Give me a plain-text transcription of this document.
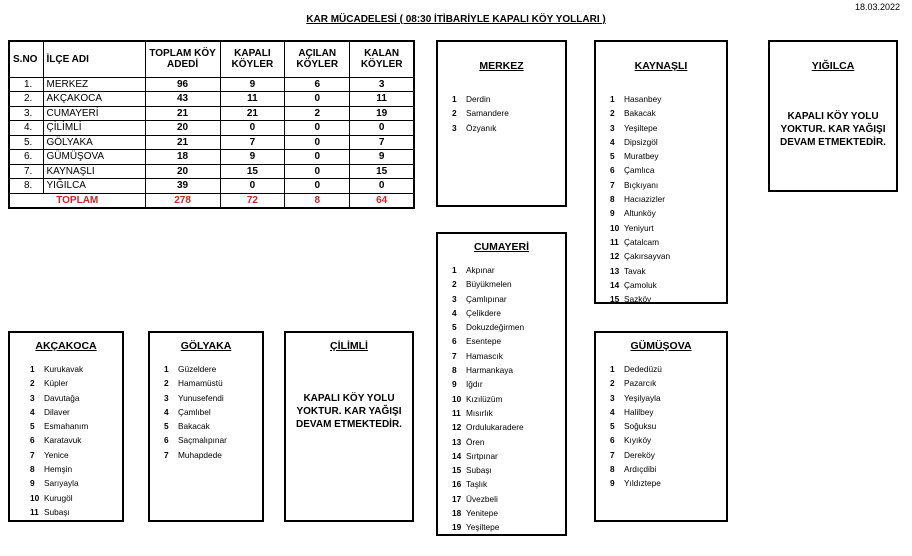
18.03.2022
KAR MÜCADELESİ ( 08:30 İTİBARİYLE KAPALI KÖY YOLLARI )
S.NO	İLÇE ADI	TOPLAM KÖY ADEDİ	KAPALI KÖYLER	AÇILAN KÖYLER	KALAN KÖYLER
1.	MERKEZ	96	9	6	3
2.	AKÇAKOCA	43	11	0	11
3.	CUMAYERİ	21	21	2	19
4.	ÇİLİMLİ	20	0	0	0
5.	GÖLYAKA	21	7	0	7
6.	GÜMÜŞOVA	18	9	0	9
7.	KAYNAŞLI	20	15	0	15
8.	YIĞILCA	39	0	0	0
TOPLAM		278	72	8	64
MERKEZ
1 Derdin
2 Samandere
3 Özyanık
KAYNAŞLI
1 Hasanbey
2 Bakacak
3 Yeşiltepe
4 Dipsizgöl
5 Muratbey
6 Çamlıca
7 Bıçkıyanı
8 Hacıazizler
9 Altunköy
10 Yeniyurt
11 Çatalcam
12 Çakırsayvan
13 Tavak
14 Çamoluk
15 Sazköy
YIĞILCA
KAPALI KÖY YOLU YOKTUR. KAR YAĞIŞI DEVAM ETMEKTEDİR.
CUMAYERİ
1 Akpınar
2 Büyükmelen
3 Çamlıpınar
4 Çelikdere
5 Dokuzdeğirmen
6 Esentepe
7 Hamascık
8 Harmankaya
9 Iğdır
10 Kızılüzüm
11 Mısırlık
12 Ordulukaradere
13 Ören
14 Sırtpınar
15 Subaşı
16 Taşlık
17 Üvezbeli
18 Yenitepe
19 Yeşiltepe
AKÇAKOCA
1 Kurukavak
2 Küpler
3 Davutağa
4 Dilaver
5 Esmahanım
6 Karatavuk
7 Yenice
8 Hemşin
9 Sarıyayla
10 Kurugöl
11 Subaşı
GÖLYAKA
1 Güzeldere
2 Hamamüstü
3 Yunusefendi
4 Çamlıbel
5 Bakacak
6 Saçmalıpınar
7 Muhapdede
ÇİLİMLİ
KAPALI KÖY YOLU YOKTUR. KAR YAĞIŞI DEVAM ETMEKTEDİR.
GÜMÜŞOVA
1 Dededüzü
2 Pazarcık
3 Yeşilyayla
4 Halilbey
5 Soğuksu
6 Kıyıköy
7 Dereköy
8 Ardıçdibi
9 Yıldıztepe
